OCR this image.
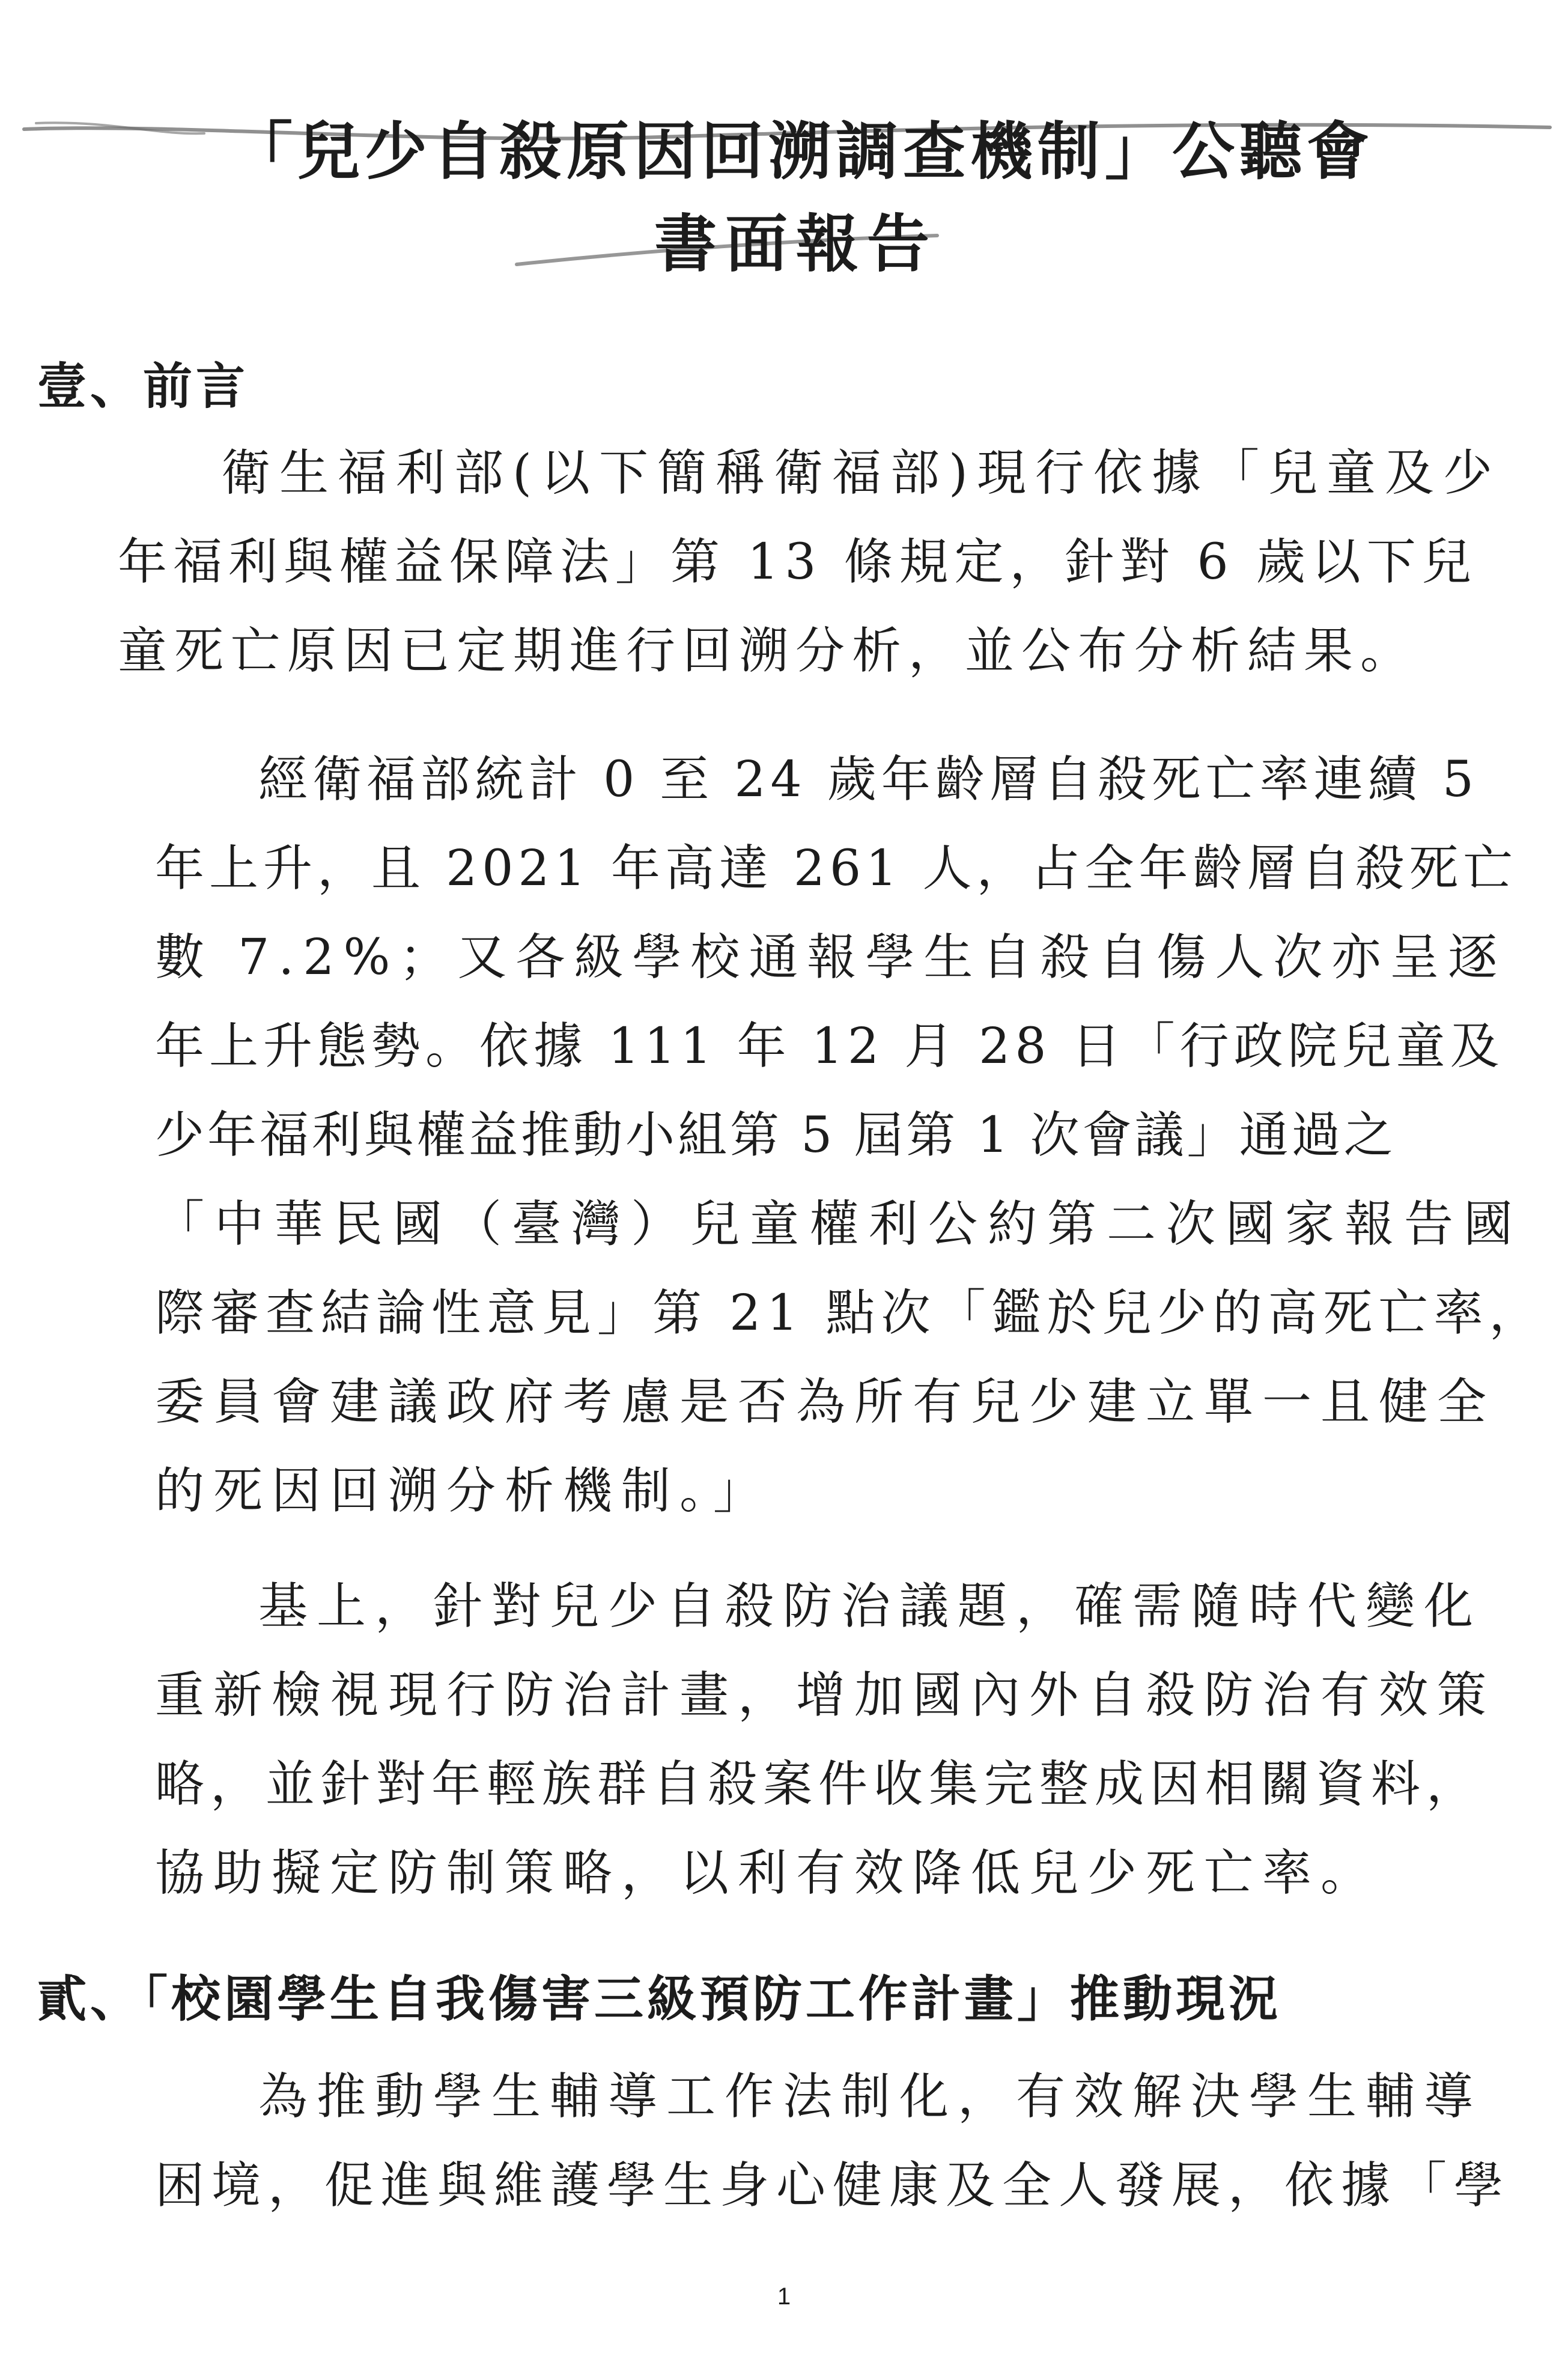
「兒少自殺原因回溯調查機制」公聽會
書面報告
壹、前言
衛生福利部(以下簡稱衛福部)現行依據「兒童及少
年福利與權益保障法」第 13 條規定，針對 6 歲以下兒
童死亡原因已定期進行回溯分析，並公布分析結果。
經衛福部統計 0 至 24 歲年齡層自殺死亡率連續 5
年上升，且 2021 年高達 261 人，占全年齡層自殺死亡
數 7.2%；又各級學校通報學生自殺自傷人次亦呈逐
年上升態勢。依據 111 年 12 月 28 日「行政院兒童及
少年福利與權益推動小組第 5 屆第 1 次會議」通過之
「中華民國（臺灣）兒童權利公約第二次國家報告國
際審查結論性意見」第 21 點次「鑑於兒少的高死亡率，
委員會建議政府考慮是否為所有兒少建立單一且健全
的死因回溯分析機制。」
基上，針對兒少自殺防治議題，確需隨時代變化
重新檢視現行防治計畫，增加國內外自殺防治有效策
略，並針對年輕族群自殺案件收集完整成因相關資料，
協助擬定防制策略，以利有效降低兒少死亡率。
貳、「校園學生自我傷害三級預防工作計畫」推動現況
為推動學生輔導工作法制化，有效解決學生輔導
困境，促進與維護學生身心健康及全人發展，依據「學
1
